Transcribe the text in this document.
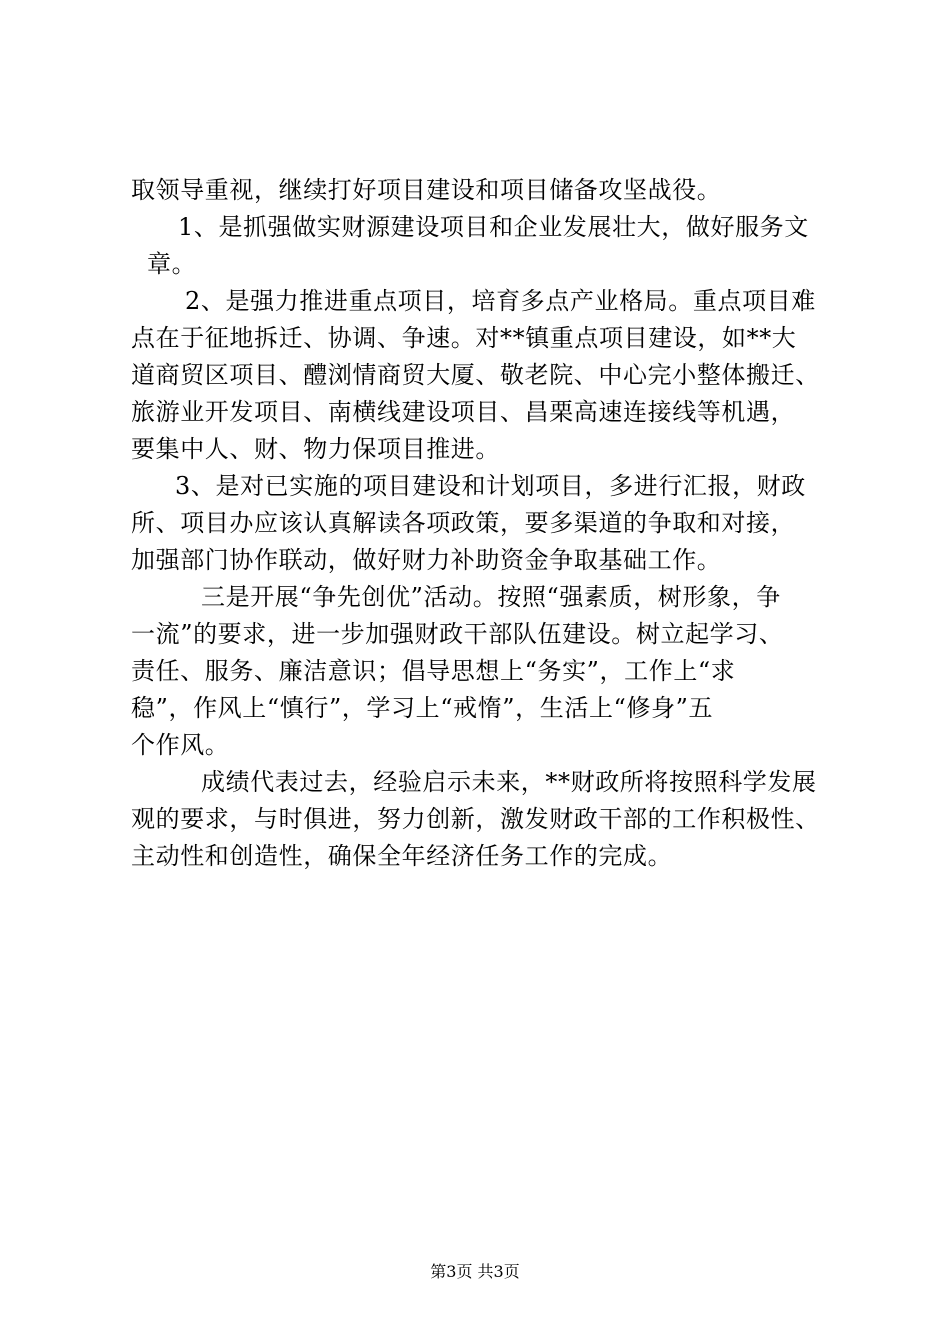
取领导重视，继续打好项目建设和项目储备攻坚战役。
1、是抓强做实财源建设项目和企业发展壮大，做好服务文
章。
2、是强力推进重点项目，培育多点产业格局。重点项目难
点在于征地拆迁、协调、争速。对**镇重点项目建设，如**大
道商贸区项目、醴浏情商贸大厦、敬老院、中心完小整体搬迁、
旅游业开发项目、南横线建设项目、昌栗高速连接线等机遇，
要集中人、财、物力保项目推进。
3、是对已实施的项目建设和计划项目，多进行汇报，财政
所、项目办应该认真解读各项政策，要多渠道的争取和对接，
加强部门协作联动，做好财力补助资金争取基础工作。
三是开展“争先创优”活动。按照“强素质，树形象，争
一流”的要求，进一步加强财政干部队伍建设。树立起学习、
责任、服务、廉洁意识；倡导思想上“务实”，工作上“求
稳”，作风上“慎行”，学习上“戒惰”，生活上“修身”五
个作风。
成绩代表过去，经验启示未来，**财政所将按照科学发展
观的要求，与时俱进，努力创新，激发财政干部的工作积极性、
主动性和创造性，确保全年经济任务工作的完成。
第3页 共3页
